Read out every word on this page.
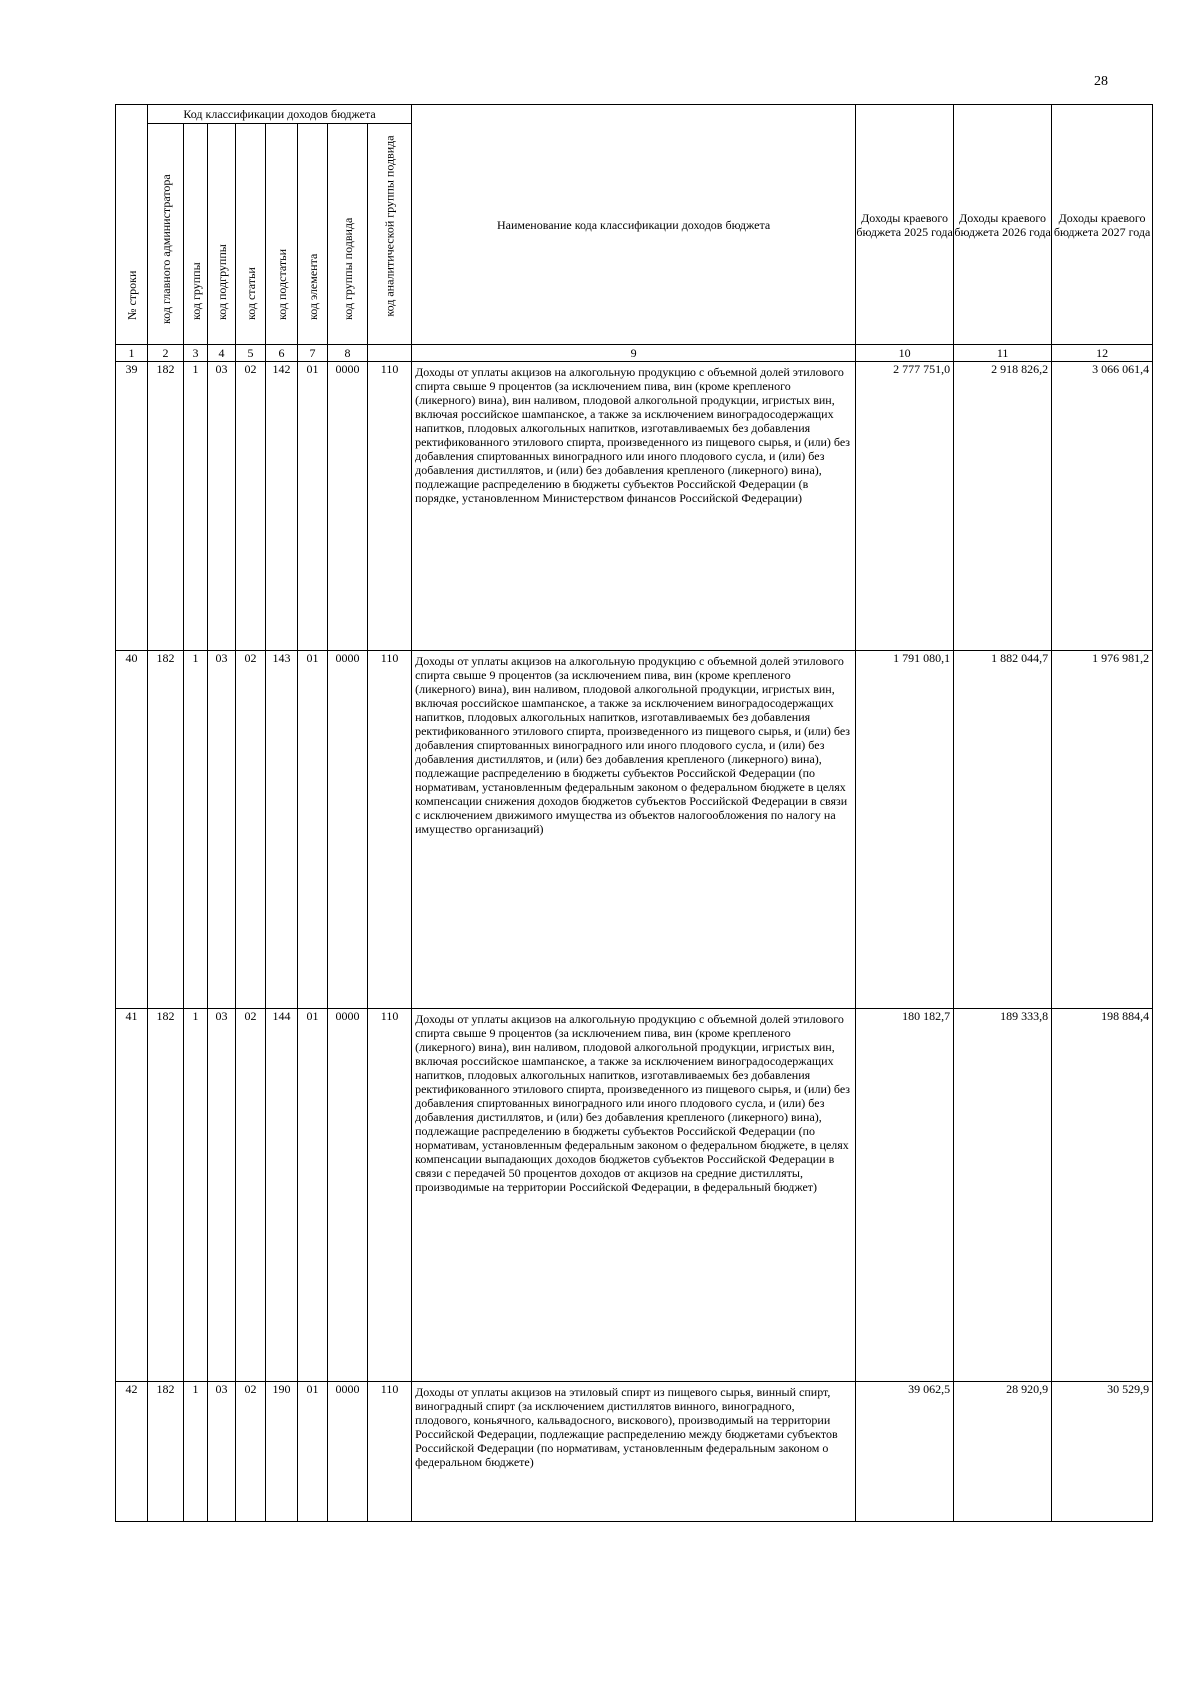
28
№ строки	Код классификации доходов бюджета								Наименование кода классификации доходов бюджета	Доходы краевого бюджета 2025 года	Доходы краевого бюджета 2026 года	Доходы краевого бюджета 2027 года

	код главного администратора	код группы	код подгруппы	код статьи	код подстатьи	код элемента	код группы подвида	код аналитической группы подвида				

1	2	3	4	5	6	7	8		9	10	11	12
39	182	1	03	02	142	01	0000	110	Доходы от уплаты акцизов на алкогольную продукцию с объемной долей этилового спирта свыше 9 процентов (за исключением пива, вин (кроме крепленого (ликерного) вина), вин наливом, плодовой алкогольной продукции, игристых вин, включая российское шампанское, а также за исключением виноградосодержащих напитков, плодовых алкогольных напитков, изготавливаемых без добавления ректификованного этилового спирта, произведенного из пищевого сырья, и (или) без добавления спиртованных виноградного или иного плодового сусла, и (или) без добавления дистиллятов, и (или) без добавления крепленого (ликерного) вина), подлежащие распределению в бюджеты субъектов Российской Федерации (в порядке, установленном Министерством финансов Российской Федерации)	2 777 751,0	2 918 826,2	3 066 061,4
40	182	1	03	02	143	01	0000	110	Доходы от уплаты акцизов на алкогольную продукцию с объемной долей этилового спирта свыше 9 процентов (за исключением пива, вин (кроме крепленого (ликерного) вина), вин наливом, плодовой алкогольной продукции, игристых вин, включая российское шампанское, а также за исключением виноградосодержащих напитков, плодовых алкогольных напитков, изготавливаемых без добавления ректификованного этилового спирта, произведенного из пищевого сырья, и (или) без добавления спиртованных виноградного или иного плодового сусла, и (или) без добавления дистиллятов, и (или) без добавления крепленого (ликерного) вина), подлежащие распределению в бюджеты субъектов Российской Федерации (по нормативам, установленным федеральным законом о федеральном бюджете в целях компенсации снижения доходов бюджетов субъектов Российской Федерации в связи с исключением движимого имущества из объектов налогообложения по налогу на имущество организаций)	1 791 080,1	1 882 044,7	1 976 981,2
41	182	1	03	02	144	01	0000	110	Доходы от уплаты акцизов на алкогольную продукцию с объемной долей этилового спирта свыше 9 процентов (за исключением пива, вин (кроме крепленого (ликерного) вина), вин наливом, плодовой алкогольной продукции, игристых вин, включая российское шампанское, а также за исключением виноградосодержащих напитков, плодовых алкогольных напитков, изготавливаемых без добавления ректификованного этилового спирта, произведенного из пищевого сырья, и (или) без добавления спиртованных виноградного или иного плодового сусла, и (или) без добавления дистиллятов, и (или) без добавления крепленого (ликерного) вина), подлежащие распределению в бюджеты субъектов Российской Федерации (по нормативам, установленным федеральным законом о федеральном бюджете, в целях компенсации выпадающих доходов бюджетов субъектов Российской Федерации в связи с передачей 50 процентов доходов от акцизов на средние дистилляты, производимые на территории Российской Федерации, в федеральный бюджет)	180 182,7	189 333,8	198 884,4
42	182	1	03	02	190	01	0000	110	Доходы от уплаты акцизов на этиловый спирт из пищевого сырья, винный спирт, виноградный спирт (за исключением дистиллятов винного, виноградного, плодового, коньячного, кальвадосного, вискового), производимый на территории Российской Федерации, подлежащие распределению между бюджетами субъектов Российской Федерации (по нормативам, установленным федеральным законом о федеральном бюджете)	39 062,5	28 920,9	30 529,9
